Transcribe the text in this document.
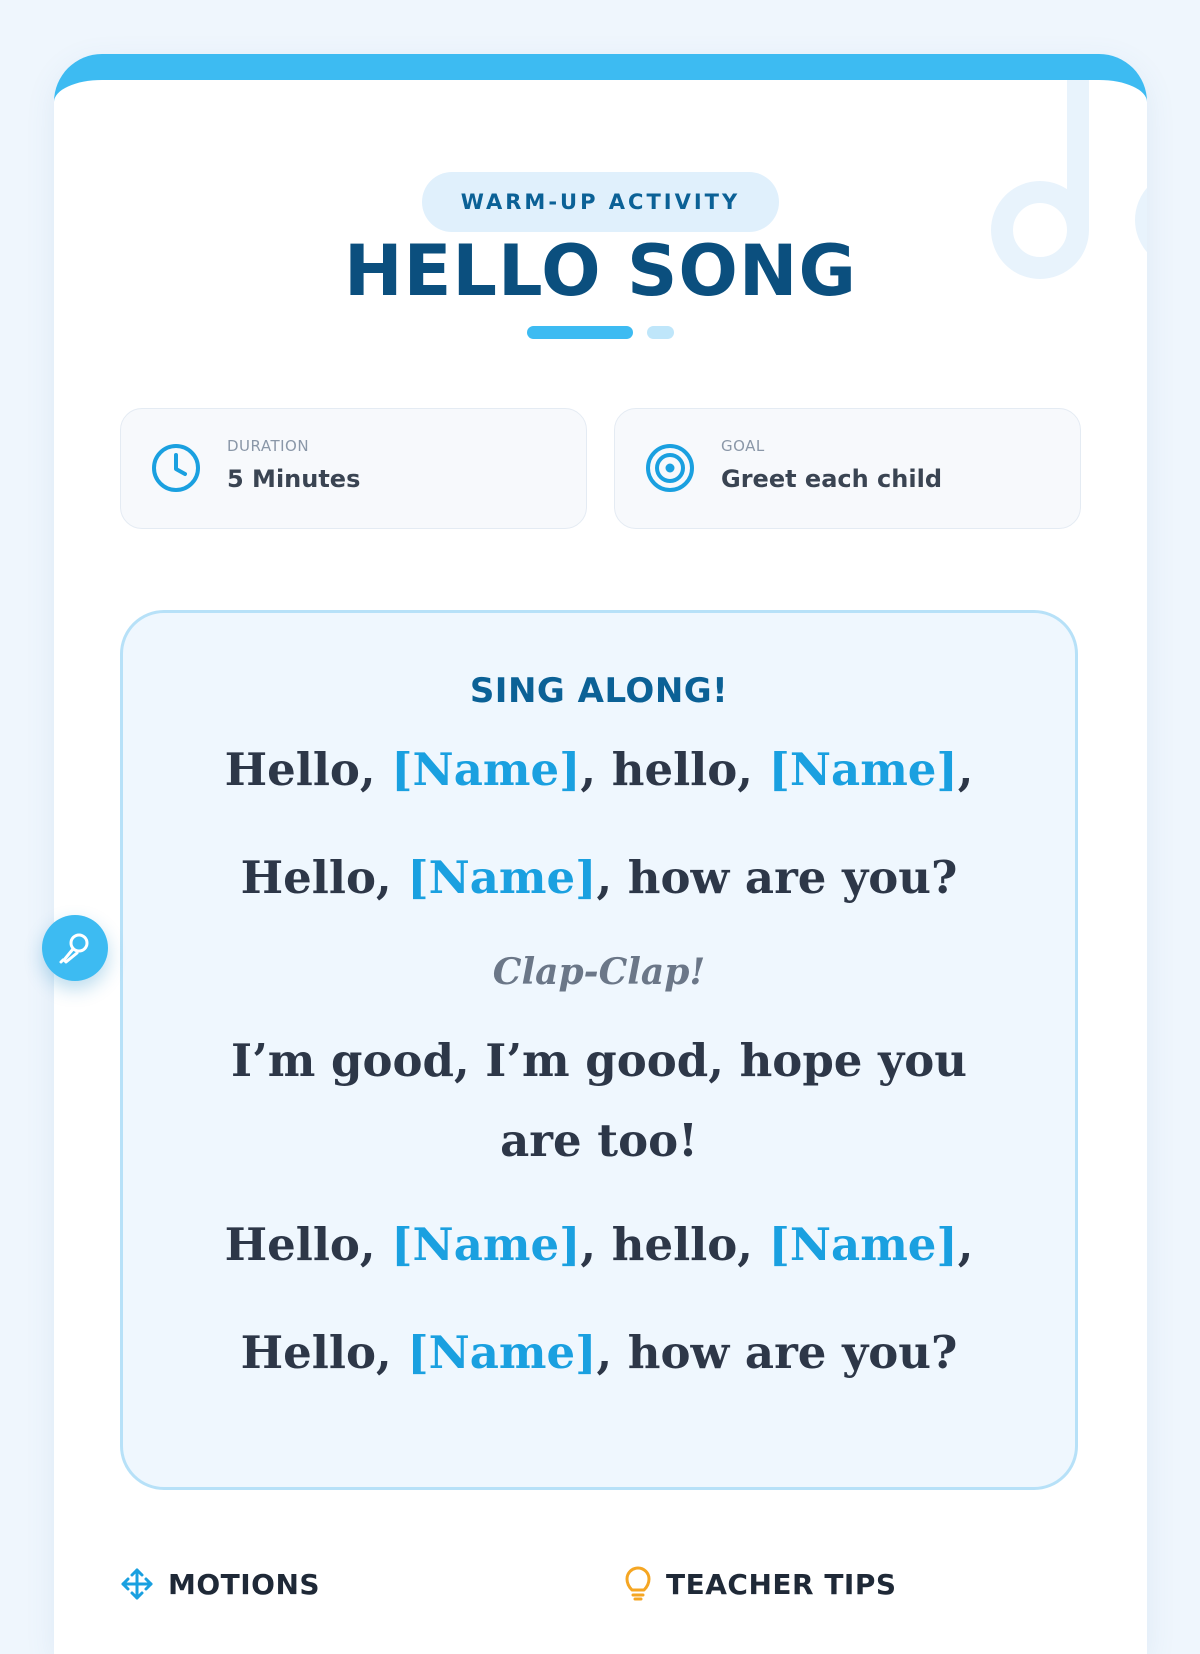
WARM-UP ACTIVITY
HELLO SONG
DURATION
5 Minutes
GOAL
Greet each child
SING ALONG!
Hello, [Name], hello, [Name],
Hello, [Name], how are you?
Clap-Clap!
I’m good, I’m good, hope you are too!
Hello, [Name], hello, [Name],
Hello, [Name], how are you?
MOTIONS	TEACHER TIPS
